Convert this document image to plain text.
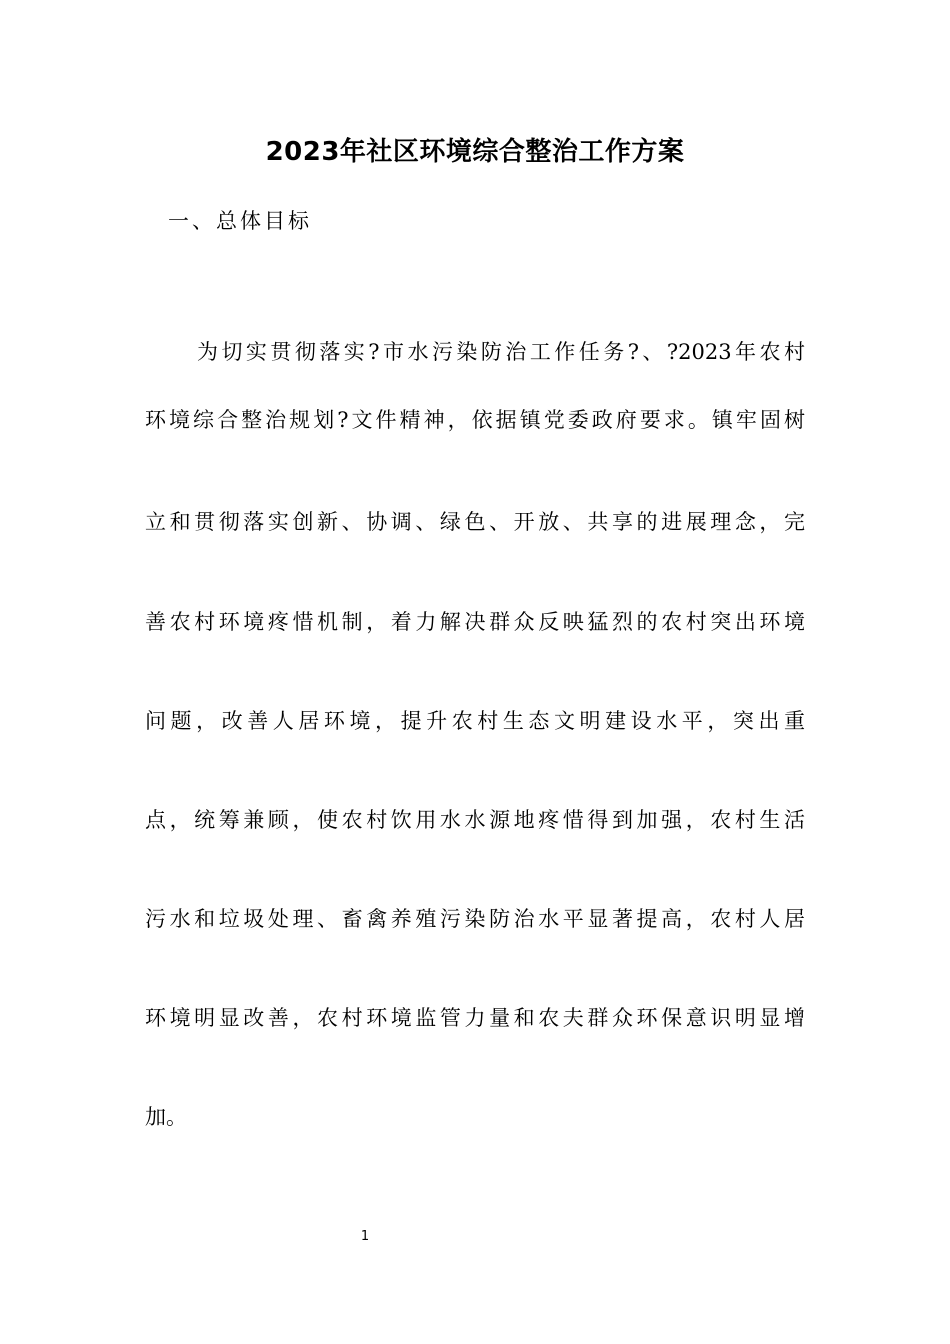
2023年社区环境综合整治工作方案
一、总体目标
为切实贯彻落实?市水污染防治工作任务?、?2023年农村
环境综合整治规划?文件精神，依据镇党委政府要求。镇牢固树
立和贯彻落实创新、协调、绿色、开放、共享的进展理念，完
善农村环境疼惜机制，着力解决群众反映猛烈的农村突出环境
问题，改善人居环境，提升农村生态文明建设水平，突出重
点，统筹兼顾，使农村饮用水水源地疼惜得到加强，农村生活
污水和垃圾处理、畜禽养殖污染防治水平显著提高，农村人居
环境明显改善，农村环境监管力量和农夫群众环保意识明显增
加。
1
